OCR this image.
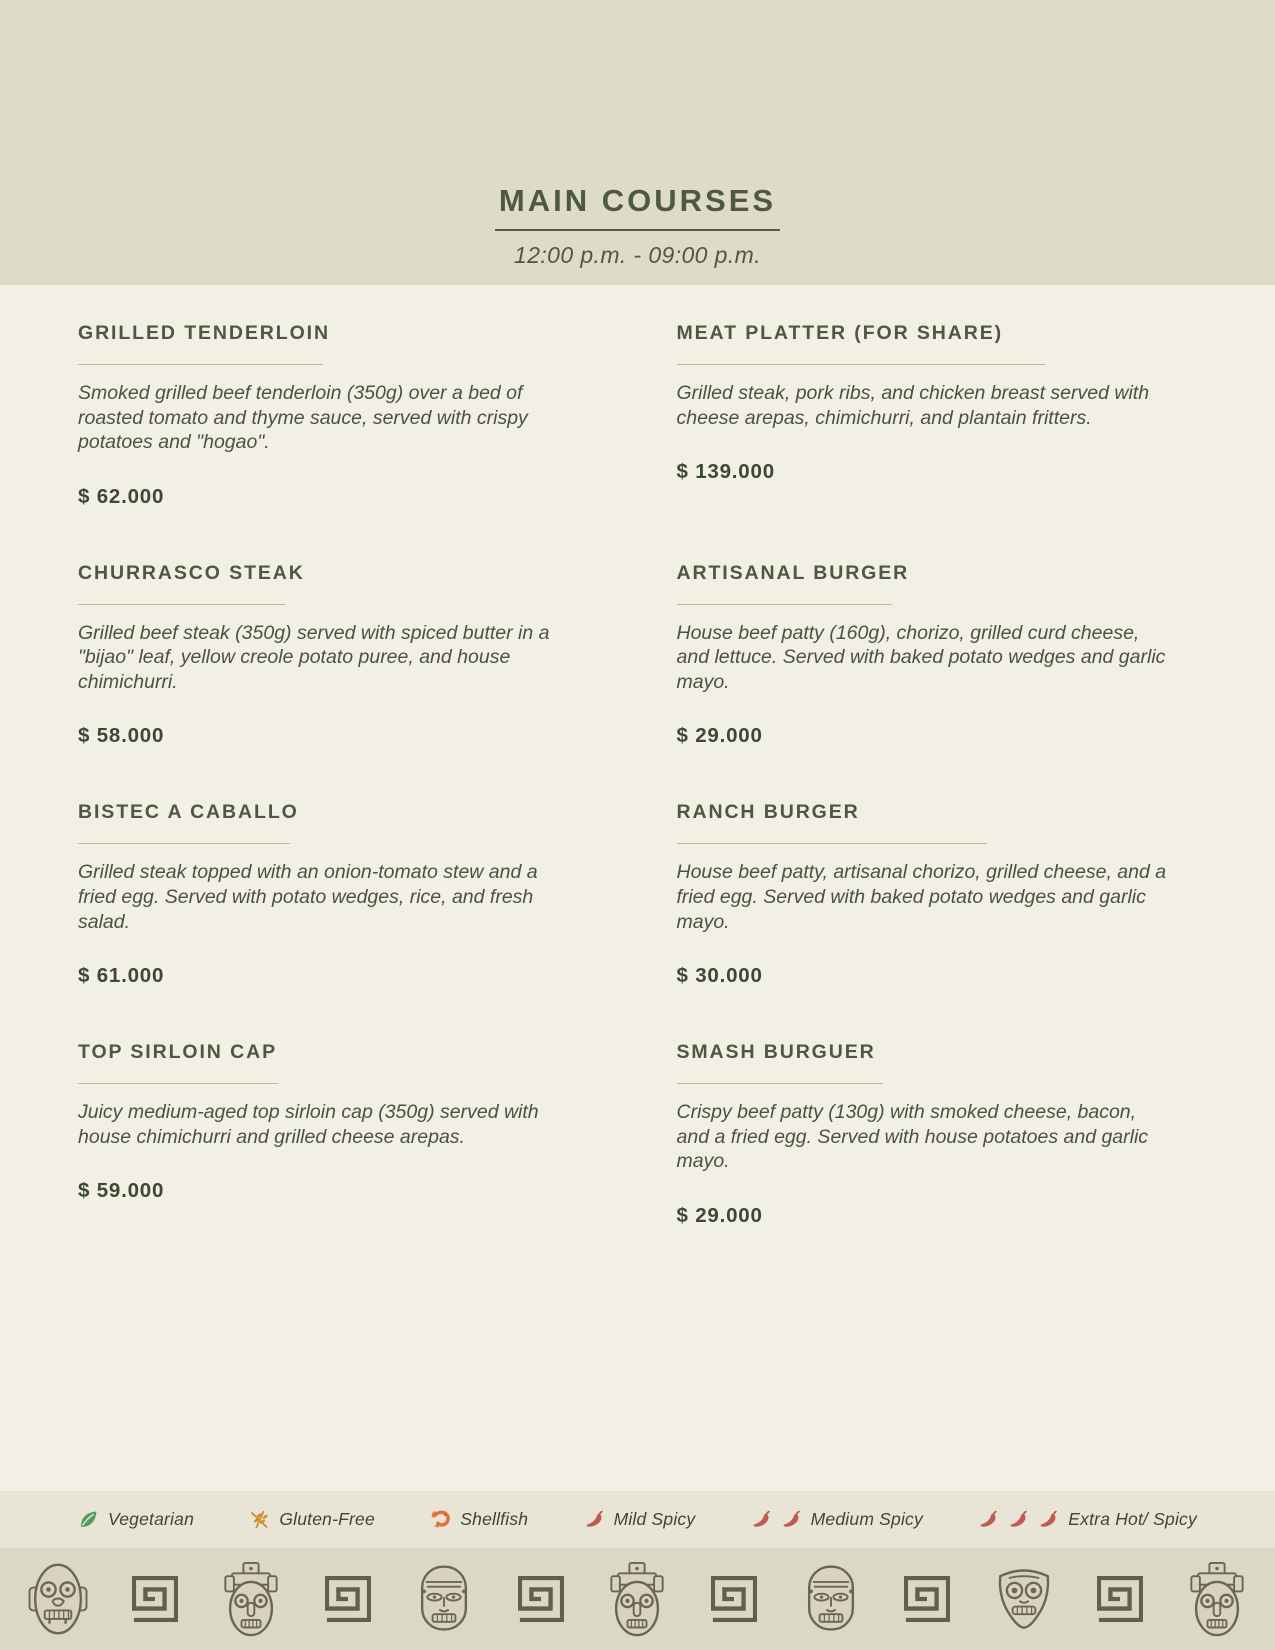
MAIN COURSES

12:00 p.m. - 09:00 p.m.

GRILLED TENDERLOIN

Smoked grilled beef tenderloin (350g) over a bed of roasted tomato and thyme sauce, served with crispy potatoes and "hogao".

$ 62.000
MEAT PLATTER (FOR SHARE)

Grilled steak, pork ribs, and chicken breast served with cheese arepas, chimichurri, and plantain fritters.

$ 139.000
CHURRASCO STEAK

Grilled beef steak (350g) served with spiced butter in a "bijao" leaf, yellow creole potato puree, and house chimichurri.

$ 58.000
ARTISANAL BURGER

House beef patty (160g), chorizo, grilled curd cheese, and lettuce. Served with baked potato wedges and garlic mayo.

$ 29.000
BISTEC A CABALLO

Grilled steak topped with an onion-tomato stew and a fried egg. Served with potato wedges, rice, and fresh salad.

$ 61.000
RANCH BURGER

House beef patty, artisanal chorizo, grilled cheese, and a fried egg. Served with baked potato wedges and garlic mayo.

$ 30.000
TOP SIRLOIN CAP

Juicy medium-aged top sirloin cap (350g) served with house chimichurri and grilled cheese arepas.

$ 59.000
SMASH BURGUER

Crispy beef patty (130g) with smoked cheese, bacon, and a fried egg. Served with house potatoes and garlic mayo.

$ 29.000
Vegetarian	Gluten-Free	Shellfish	Mild Spicy	Medium Spicy	Extra Hot/ Spicy
